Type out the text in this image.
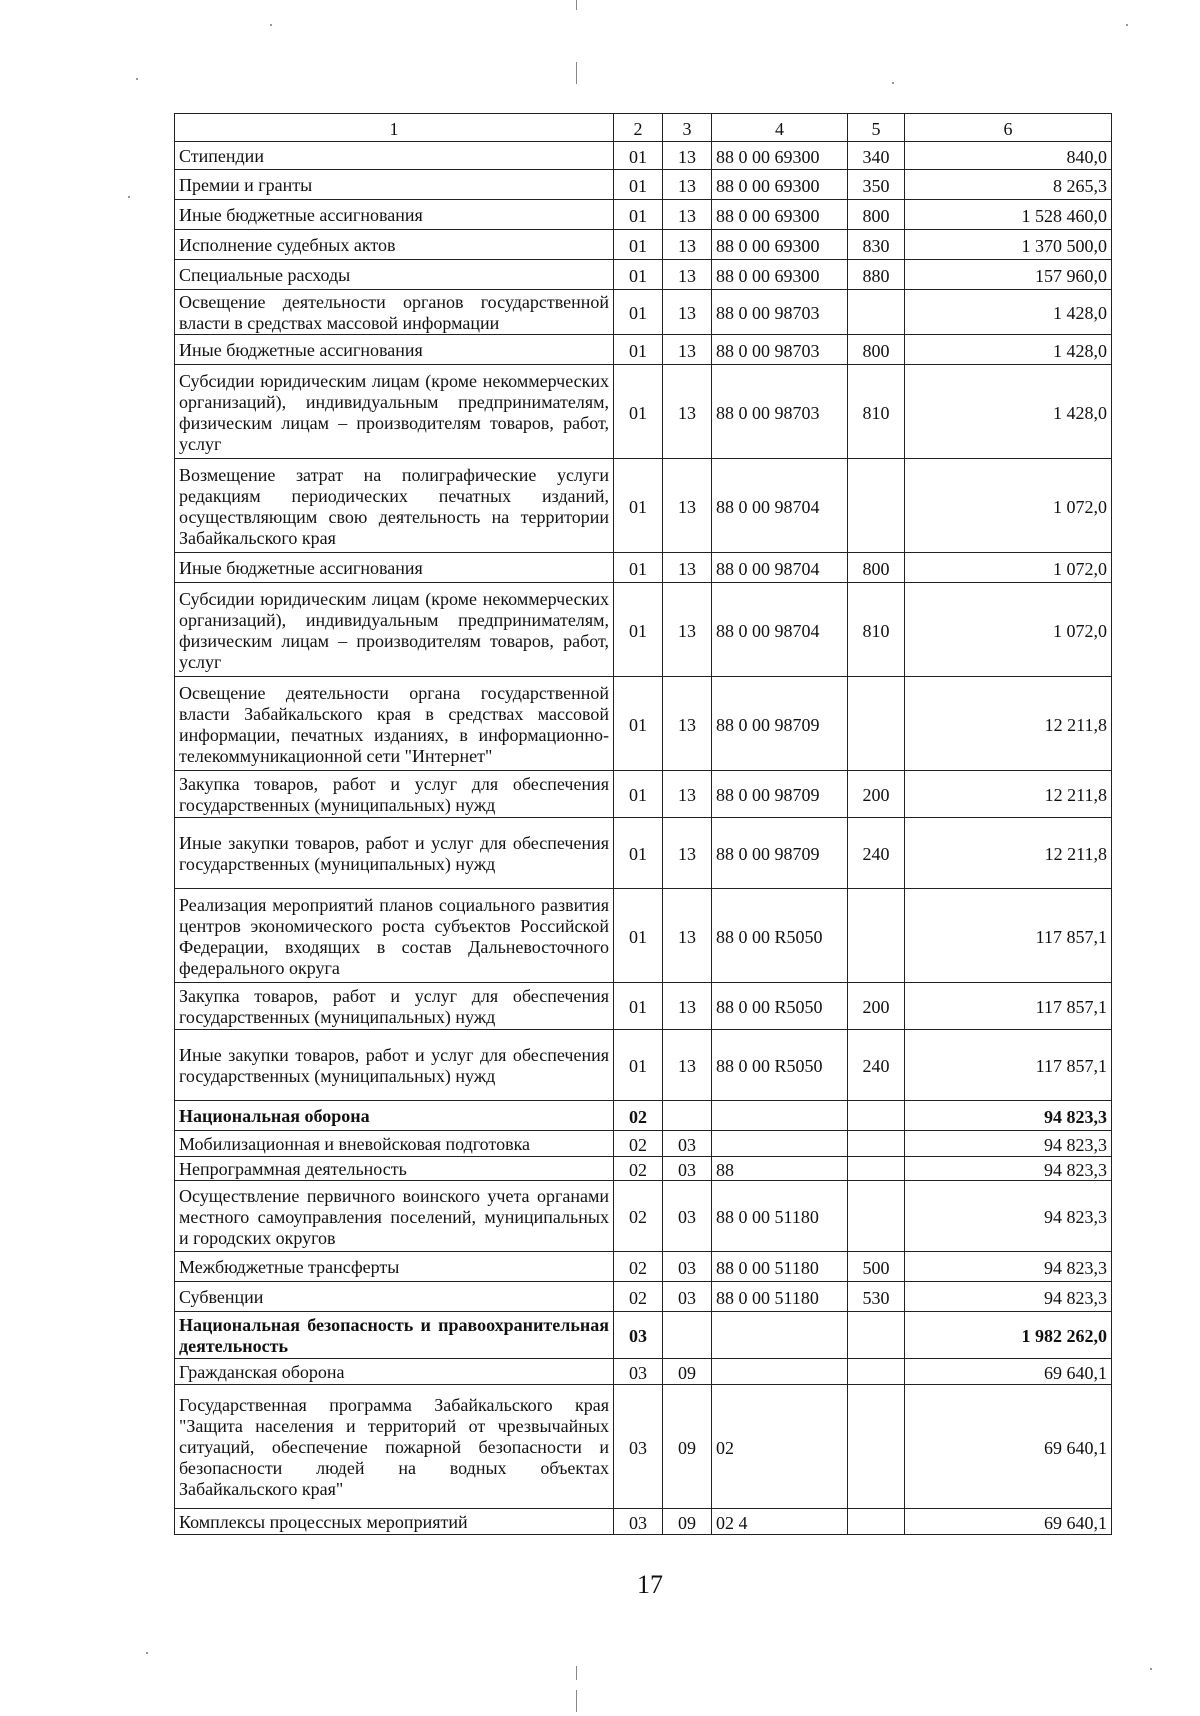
1	2	3	4	5	6
Стипендии	01	13	88 0 00 69300	340	840,0
Премии и гранты	01	13	88 0 00 69300	350	8 265,3
Иные бюджетные ассигнования	01	13	88 0 00 69300	800	1 528 460,0
Исполнение судебных актов	01	13	88 0 00 69300	830	1 370 500,0
Специальные расходы	01	13	88 0 00 69300	880	157 960,0
Освещение деятельности органов государственной власти в средствах массовой информации	01	13	88 0 00 98703		1 428,0
Иные бюджетные ассигнования	01	13	88 0 00 98703	800	1 428,0
Субсидии юридическим лицам (кроме некоммерческих организаций), индивидуальным предпринимателям, физическим лицам – производителям товаров, работ, услуг	01	13	88 0 00 98703	810	1 428,0
Возмещение затрат на полиграфические услуги редакциям периодических печатных изданий, осуществляющим свою деятельность на территории Забайкальского края	01	13	88 0 00 98704		1 072,0
Иные бюджетные ассигнования	01	13	88 0 00 98704	800	1 072,0
Субсидии юридическим лицам (кроме некоммерческих организаций), индивидуальным предпринимателям, физическим лицам – производителям товаров, работ, услуг	01	13	88 0 00 98704	810	1 072,0
Освещение деятельности органа государственной власти Забайкальского края в средствах массовой информации, печатных изданиях, в информационно-телекоммуникационной сети "Интернет"	01	13	88 0 00 98709		12 211,8
Закупка товаров, работ и услуг для обеспечения государственных (муниципальных) нужд	01	13	88 0 00 98709	200	12 211,8
Иные закупки товаров, работ и услуг для обеспечения государственных (муниципальных) нужд	01	13	88 0 00 98709	240	12 211,8
Реализация мероприятий планов социального развития центров экономического роста субъектов Российской Федерации, входящих в состав Дальневосточного федерального округа	01	13	88 0 00 R5050		117 857,1
Закупка товаров, работ и услуг для обеспечения государственных (муниципальных) нужд	01	13	88 0 00 R5050	200	117 857,1
Иные закупки товаров, работ и услуг для обеспечения государственных (муниципальных) нужд	01	13	88 0 00 R5050	240	117 857,1
Национальная оборона	02				94 823,3
Мобилизационная и вневойсковая подготовка	02	03			94 823,3
Непрограммная деятельность	02	03	88		94 823,3
Осуществление первичного воинского учета органами местного самоуправления поселений, муниципальных и городских округов	02	03	88 0 00 51180		94 823,3
Межбюджетные трансферты	02	03	88 0 00 51180	500	94 823,3
Субвенции	02	03	88 0 00 51180	530	94 823,3
Национальная безопасность и правоохранительная деятельность	03				1 982 262,0
Гражданская оборона	03	09			69 640,1
Государственная программа Забайкальского края "Защита населения и территорий от чрезвычайных ситуаций, обеспечение пожарной безопасности и безопасности людей на водных объектах Забайкальского края"	03	09	02		69 640,1
Комплексы процессных мероприятий	03	09	02 4		69 640,1
17
